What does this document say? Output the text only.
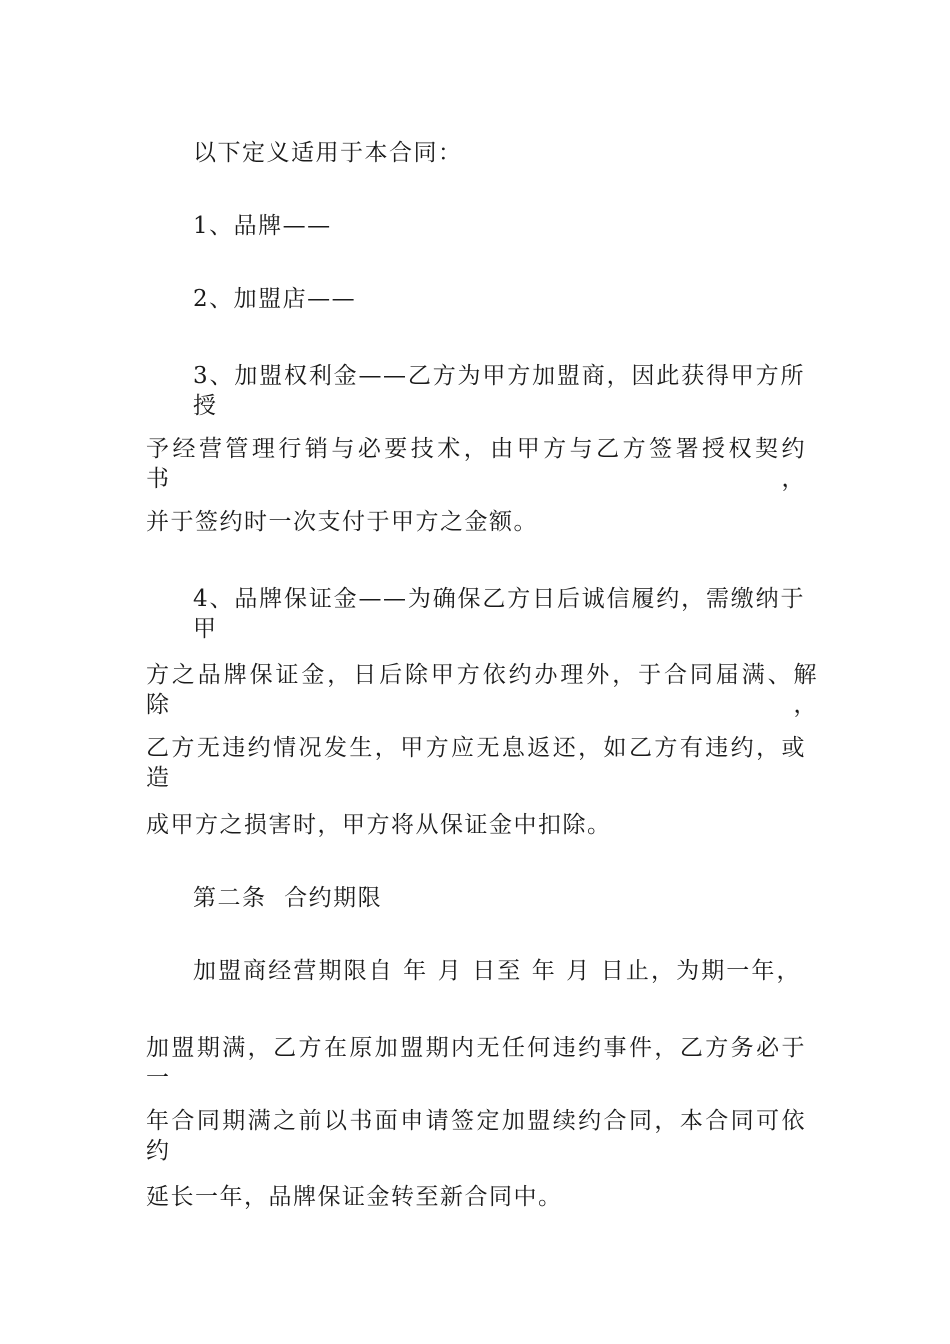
以下定义适用于本合同：
1、品牌——
2、加盟店——
3、加盟权利金——乙方为甲方加盟商，因此获得甲方所授
予经营管理行销与必要技术，由甲方与乙方签署授权契约书，
并于签约时一次支付于甲方之金额。
4、品牌保证金——为确保乙方日后诚信履约，需缴纳于甲
方之品牌保证金，日后除甲方依约办理外，于合同届满、解除，
乙方无违约情况发生，甲方应无息返还，如乙方有违约，或造
成甲方之损害时，甲方将从保证金中扣除。
第二条  合约期限
加盟商经营期限自 年 月 日至 年 月 日止，为期一年，
加盟期满，乙方在原加盟期内无任何违约事件，乙方务必于一
年合同期满之前以书面申请签定加盟续约合同，本合同可依约
延长一年，品牌保证金转至新合同中。
